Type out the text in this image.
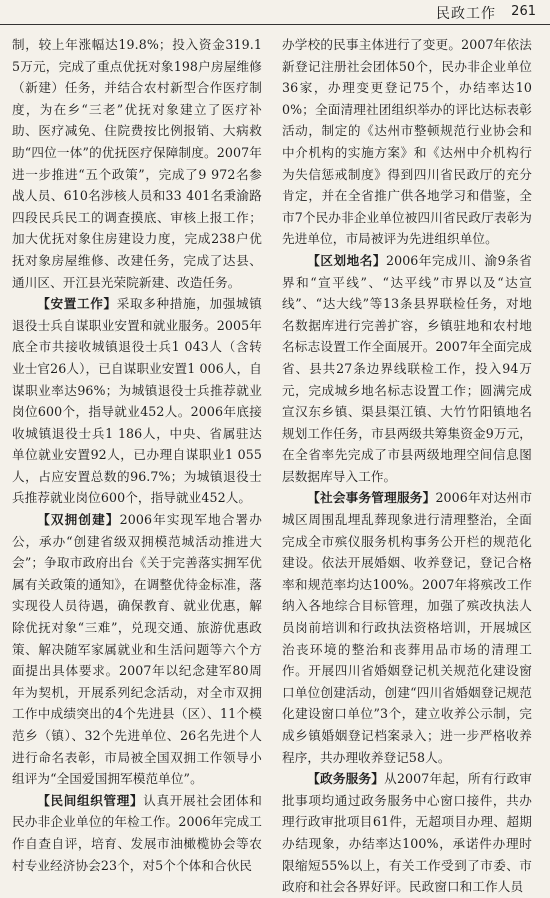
民政工作 261

制，较上年涨幅达19.8%；投入资金319.15万元，完成了重点优抚对象198户房屋维修（新建）任务，并结合农村新型合作医疗制度，为在乡“三老”优抚对象建立了医疗补助、医疗减免、住院费按比例报销、大病救助“四位一体”的优抚医疗保障制度。2007年进一步推进“五个政策”，完成了9 972名参战人员、610名涉核人员和33 401名秉渝路四段民兵民工的调查摸底、审核上报工作；加大优抚对象住房建设力度，完成238户优抚对象房屋维修、改建任务，完成了达县、通川区、开江县光荣院新建、改造任务。

【安置工作】采取多种措施，加强城镇退役士兵自谋职业安置和就业服务。2005年底全市共接收城镇退役士兵1 043人（含转业士官26人），已自谋职业安置1 006人，自谋职业率达96%；为城镇退役士兵推荐就业岗位600个，指导就业452人。2006年底接收城镇退役士兵1 186人，中央、省属驻达单位就业安置92人，已办理自谋职业1 055人，占应安置总数的96.7%；为城镇退役士兵推荐就业岗位600个，指导就业452人。

【双拥创建】2006年实现军地合署办公，承办“创建省级双拥模范城活动推进大会”；争取市政府出台《关于完善落实拥军优属有关政策的通知》，在调整优待金标准，落实现役人员待遇，确保教育、就业优惠，解除优抚对象“三难”，兑现交通、旅游优惠政策、解决随军家属就业和生活问题等六个方面提出具体要求。2007年以纪念建军80周年为契机，开展系列纪念活动，对全市双拥工作中成绩突出的4个先进县（区）、11个模范乡（镇）、32个先进单位、26名先进个人进行命名表彰，市局被全国双拥工作领导小组评为“全国爱国拥军模范单位”。

【民间组织管理】认真开展社会团体和民办非企业单位的年检工作。2006年完成工作自查自评，培育、发展市油橄榄协会等农村专业经济协会23个，对5个个体和合伙民

办学校的民事主体进行了变更。2007年依法新登记注册社会团体50个，民办非企业单位36家，办理变更登记75个，办结率达100%；全面清理社团组织举办的评比达标表彰活动，制定的《达州市整顿规范行业协会和中介机构的实施方案》和《达州中介机构行为失信惩戒制度》得到四川省民政厅的充分肯定，并在全省推广供各地学习和借鉴，全市7个民办非企业单位被四川省民政厅表彰为先进单位，市局被评为先进组织单位。

【区划地名】2006年完成川、渝9条省界和“宣平线”、“达平线”市界以及“达宣线”、“达大线”等13条县界联检任务，对地名数据库进行完善扩容，乡镇驻地和农村地名标志设置工作全面展开。2007年全面完成省、县共27条边界线联检工作，投入94万元，完成城乡地名标志设置工作；圆满完成宣汉东乡镇、渠县渠江镇、大竹竹阳镇地名规划工作任务，市县两级共筹集资金9万元，在全省率先完成了市县两级地理空间信息图层数据库导入工作。

【社会事务管理服务】2006年对达州市城区周围乱埋乱葬现象进行清理整治，全面完成全市殡仪服务机构事务公开栏的规范化建设。依法开展婚姻、收养登记，登记合格率和规范率均达100%。2007年将殡改工作纳入各地综合目标管理，加强了殡改执法人员岗前培训和行政执法资格培训，开展城区治丧环境的整治和丧葬用品市场的清理工作。开展四川省婚姻登记机关规范化建设窗口单位创建活动，创建“四川省婚姻登记规范化建设窗口单位”3个，建立收养公示制，完成乡镇婚姻登记档案录入；进一步严格收养程序，共办理收养登记58人。

【政务服务】从2007年起，所有行政审批事项均通过政务服务中心窗口接件，共办理行政审批项目61件，无超项目办理、超期办结现象，办结率达100%，承诺件办理时限缩短55%以上，有关工作受到了市委、市政府和社会各界好评。民政窗口和工作人员
